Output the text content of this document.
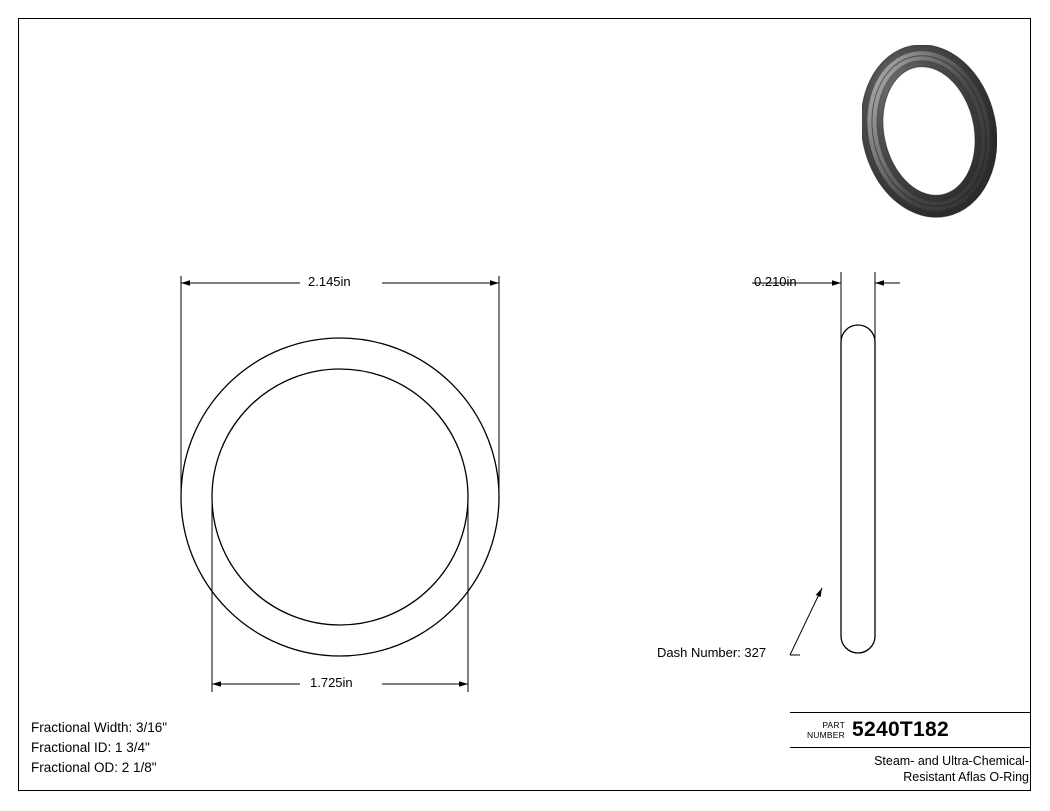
2.145in
1.725in
0.210in
Dash Number: 327
Fractional Width: 3/16"
Fractional ID: 1 3/4"
Fractional OD: 2 1/8"
PART
NUMBER 5240T182
Steam- and Ultra-Chemical-
Resistant Aflas O-Ring
